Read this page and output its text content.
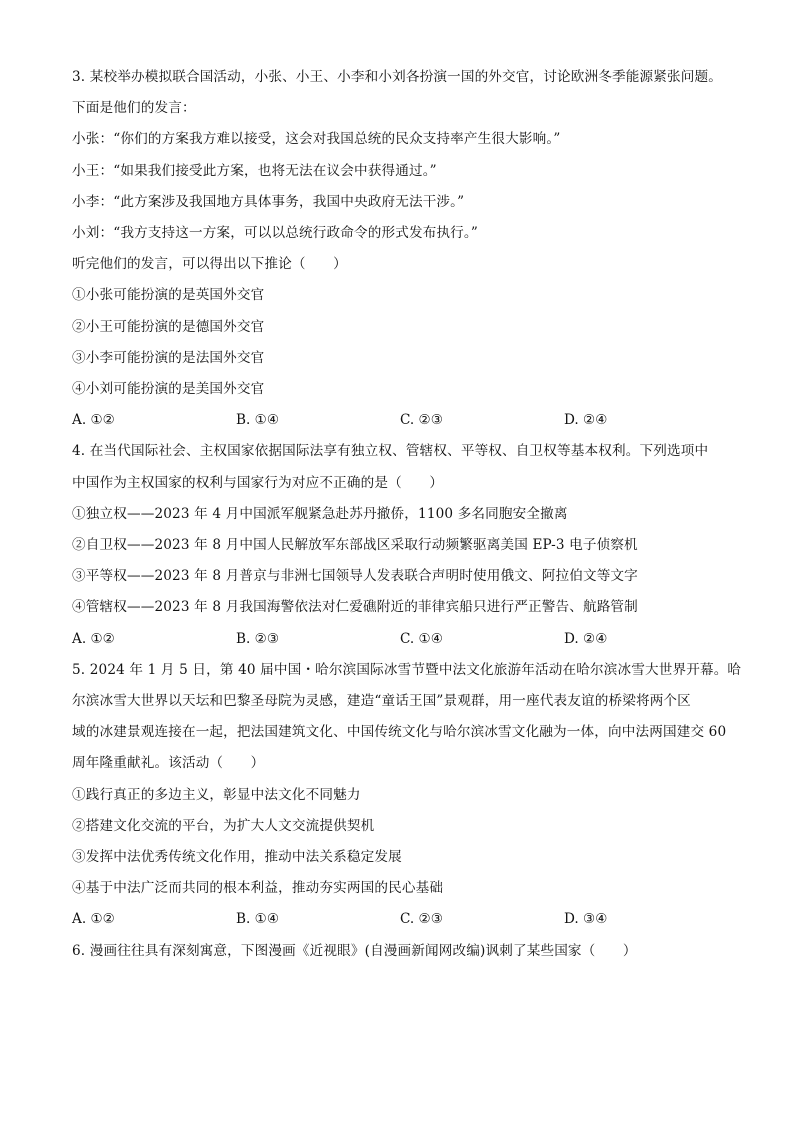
3. 某校举办模拟联合国活动，小张、小王、小李和小刘各扮演一国的外交官，讨论欧洲冬季能源紧张问题。
下面是他们的发言：
小张：“你们的方案我方难以接受，这会对我国总统的民众支持率产生很大影响。”
小王：“如果我们接受此方案，也将无法在议会中获得通过。”
小李：“此方案涉及我国地方具体事务，我国中央政府无法干涉。”
小刘：“我方支持这一方案，可以以总统行政命令的形式发布执行。”
听完他们的发言，可以得出以下推论（　　）
①小张可能扮演的是英国外交官
②小王可能扮演的是德国外交官
③小李可能扮演的是法国外交官
④小刘可能扮演的是美国外交官
A. ①②	B. ①④	C. ②③	D. ②④
4. 在当代国际社会、主权国家依据国际法享有独立权、管辖权、平等权、自卫权等基本权利。下列选项中
中国作为主权国家的权利与国家行为对应不正确的是（　　）
①独立权——2023 年 4 月中国派军舰紧急赴苏丹撤侨，1100 多名同胞安全撤离
②自卫权——2023 年 8 月中国人民解放军东部战区采取行动频繁驱离美国 EP-3 电子侦察机
③平等权——2023 年 8 月普京与非洲七国领导人发表联合声明时使用俄文、阿拉伯文等文字
④管辖权——2023 年 8 月我国海警依法对仁爱礁附近的菲律宾船只进行严正警告、航路管制
A. ①②	B. ②③	C. ①④	D. ②④
5. 2024 年 1 月 5 日，第 40 届中国・哈尔滨国际冰雪节暨中法文化旅游年活动在哈尔滨冰雪大世界开幕。哈
尔滨冰雪大世界以天坛和巴黎圣母院为灵感，建造“童话王国”景观群，用一座代表友谊的桥梁将两个区
域的冰建景观连接在一起，把法国建筑文化、中国传统文化与哈尔滨冰雪文化融为一体，向中法两国建交 60
周年隆重献礼。该活动（　　）
①践行真正的多边主义，彰显中法文化不同魅力
②搭建文化交流的平台，为扩大人文交流提供契机
③发挥中法优秀传统文化作用，推动中法关系稳定发展
④基于中法广泛而共同的根本利益，推动夯实两国的民心基础
A. ①②	B. ①④	C. ②③	D. ③④
6. 漫画往往具有深刻寓意，下图漫画《近视眼》(自漫画新闻网改编)讽刺了某些国家（　　）
